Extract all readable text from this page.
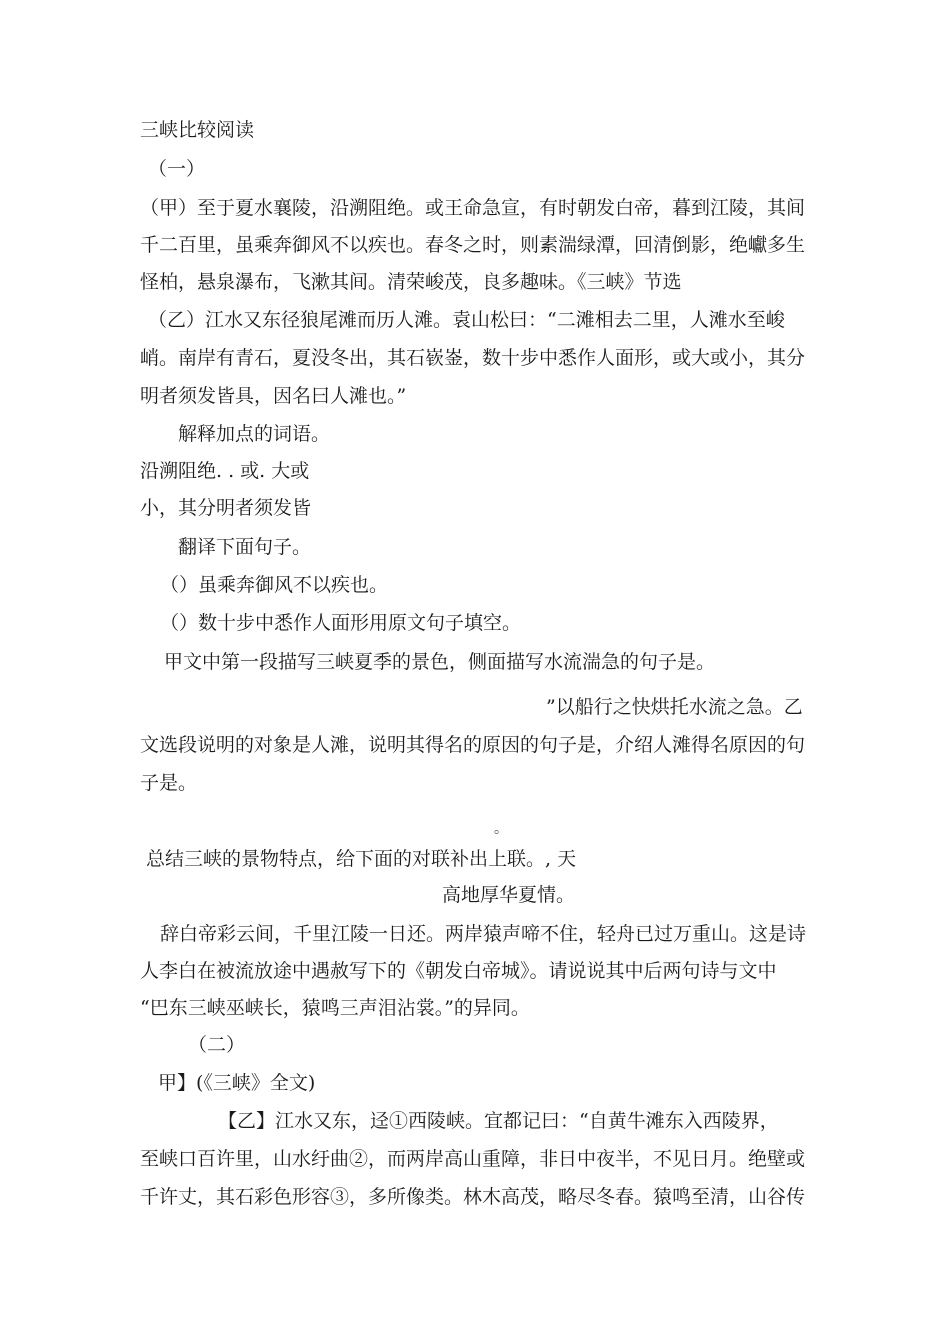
三峡比较阅读
（一）
（甲）至于夏水襄陵，沿溯阻绝。或王命急宣，有时朝发白帝，暮到江陵，其间
千二百里，虽乘奔御风不以疾也。春冬之时，则素湍绿潭，回清倒影，绝巘多生
怪柏，悬泉瀑布，飞漱其间。清荣峻茂，良多趣味。《三峡》节选
（乙）江水又东径狼尾滩而历人滩。袁山松曰：“二滩相去二里，人滩水至峻
峭。南岸有青石，夏没冬出，其石嵚崟，数十步中悉作人面形，或大或小，其分
明者须发皆具，因名曰人滩也。”
解释加点的词语。
沿溯阻绝. . 或. 大或
小，其分明者须发皆
翻译下面句子。
（）虽乘奔御风不以疾也。
（）数十步中悉作人面形用原文句子填空。
甲文中第一段描写三峡夏季的景色，侧面描写水流湍急的句子是。
”以船行之快烘托水流之急。乙
文选段说明的对象是人滩，说明其得名的原因的句子是，介绍人滩得名原因的句
子是。
。
总结三峡的景物特点，给下面的对联补出上联。, 天
高地厚华夏情。
辞白帝彩云间，千里江陵一日还。两岸猿声啼不住，轻舟已过万重山。这是诗
人李白在被流放途中遇赦写下的《朝发白帝城》。请说说其中后两句诗与文中
“巴东三峡巫峡长，猿鸣三声泪沾裳。”的异同。
（二）
甲】(《三峡》全文)
【乙】江水又东，迳①西陵峡。宜都记曰：“自黄牛滩东入西陵界，
至峡口百许里，山水纡曲②，而两岸高山重障，非日中夜半，不见日月。绝壁或
千许丈，其石彩色形容③，多所像类。林木高茂，略尽冬春。猿鸣至清，山谷传
